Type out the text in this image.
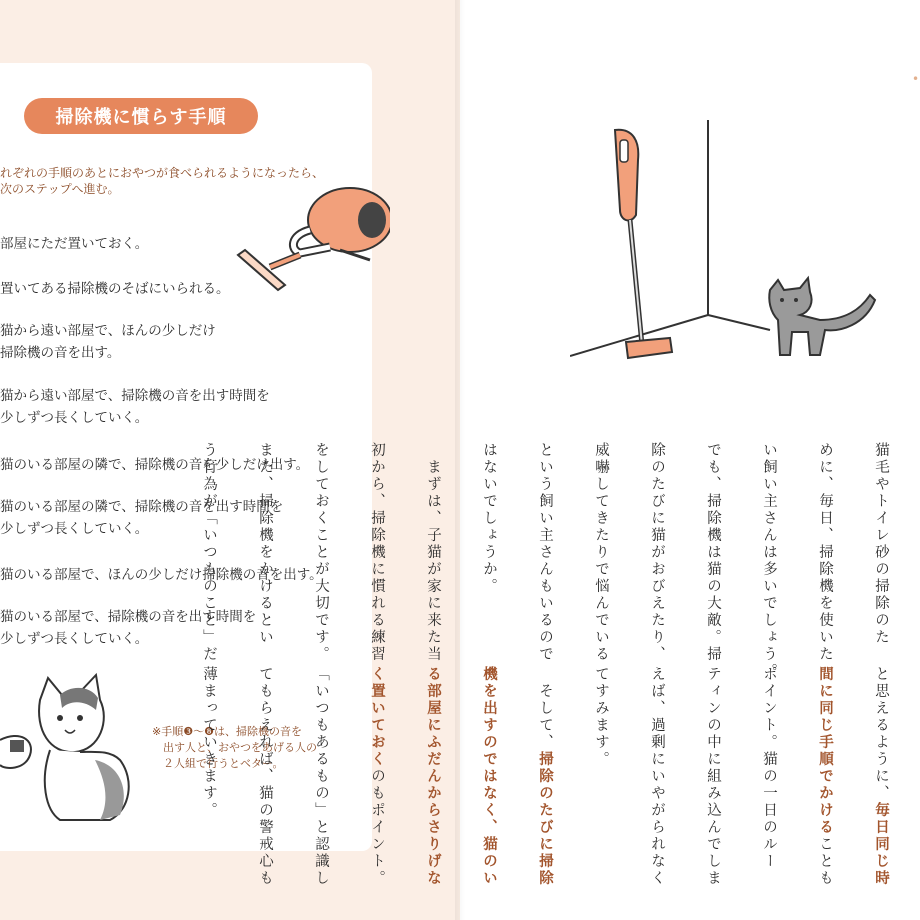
掃除機に慣らす手順
れぞれの手順のあとにおやつが食べられるようになったら、
次のステップへ進む。
部屋にただ置いておく。
置いてある掃除機のそばにいられる。
猫から遠い部屋で、ほんの少しだけ
掃除機の音を出す。
猫から遠い部屋で、掃除機の音を出す時間を
少しずつ長くしていく。
猫のいる部屋の隣で、掃除機の音を少しだけ出す。
猫のいる部屋の隣で、掃除機の音を出す時間を
少しずつ長くしていく。
猫のいる部屋で、ほんの少しだけ掃除機の音を出す。
猫のいる部屋で、掃除機の音を出す時間を
少しずつ長くしていく。
※手順❸〜❽は、掃除機の音を
　出す人と、おやつをあげる人の
　２人組で行うとベター。
•

猫毛やトイレ砂の掃除のた

めに、毎日、掃除機を使いた

い飼い主さんは多いでしょう。

でも、掃除機は猫の大敵。掃

除のたびに猫がおびえたり、

威嚇してきたりで悩んでいる

という飼い主さんもいるので

はないでしょうか。

　まずは、子猫が家に来た当

初から、掃除機に慣れる練習

をしておくことが大切です。

また、掃除機をかけるとい

う行為が「いつものこと」だ

と思えるように、毎日同じ時

間に同じ手順でかけることも

ポイント。猫の一日のルー

ティンの中に組み込んでしま

えば、過剰にいやがられなく

てすみます。

　そして、掃除のたびに掃除

機を出すのではなく、猫のい

る部屋にふだんからさりげな

く置いておくのもポイント。

「いつもあるもの」と認識し

てもらえれば、猫の警戒心も

薄まっていきます。
